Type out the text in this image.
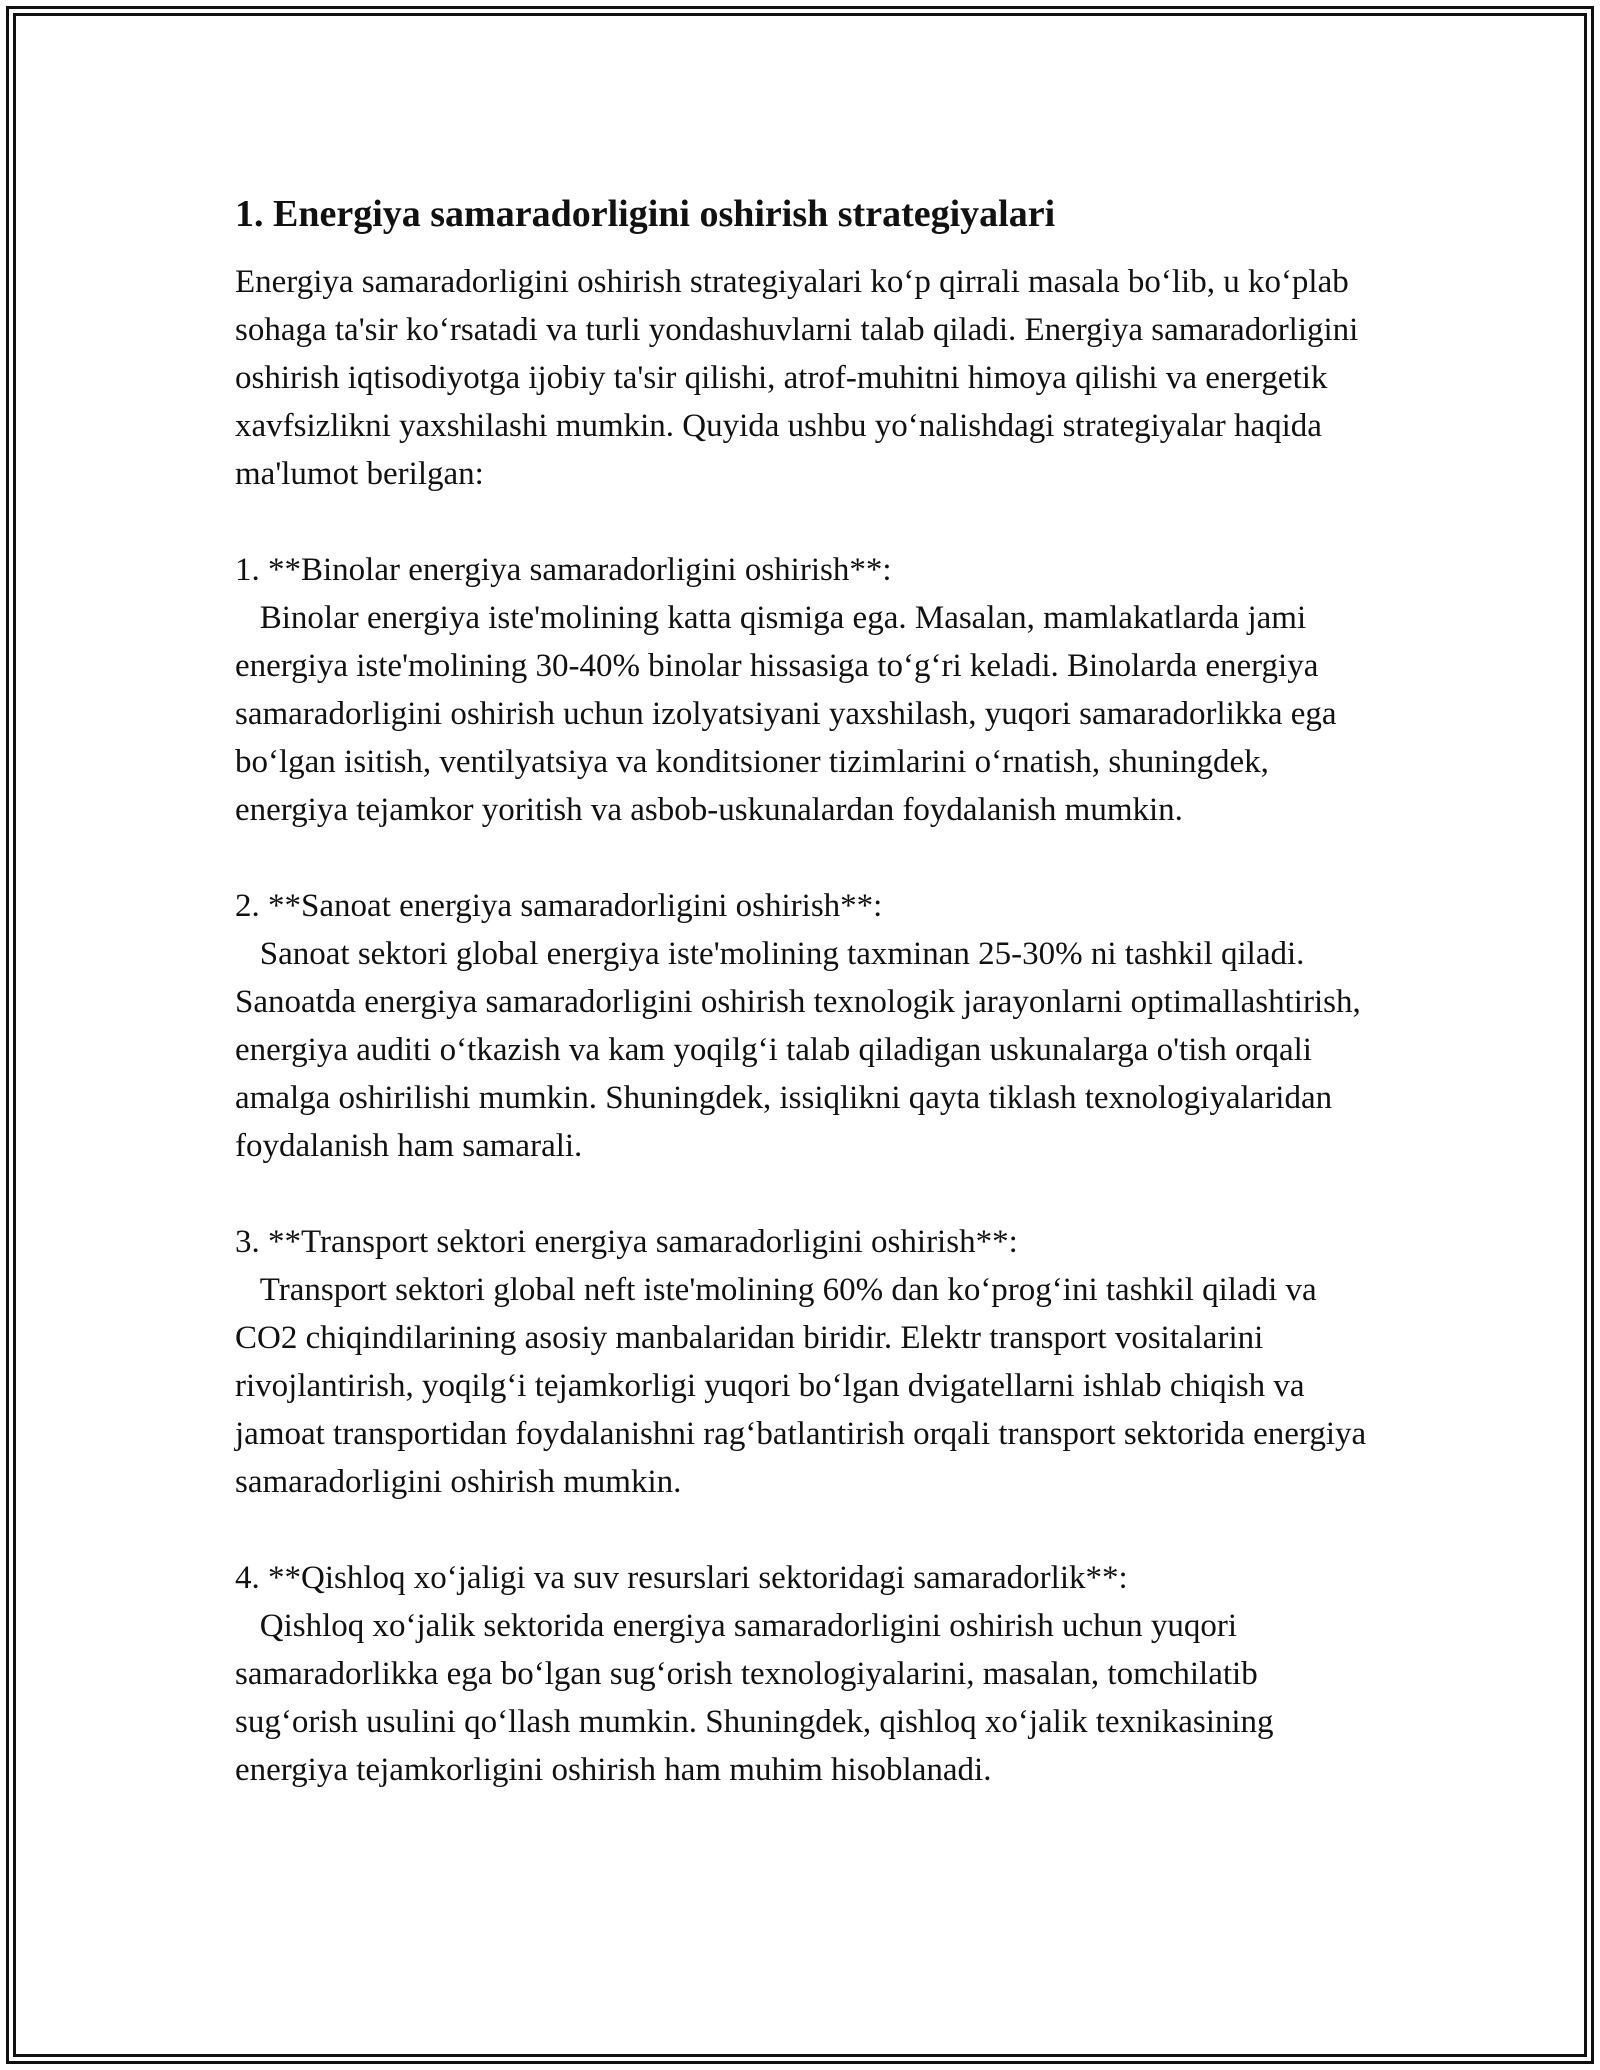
1. Energiya samaradorligini oshirish strategiyalari

Energiya samaradorligini oshirish strategiyalari ko‘p qirrali masala bo‘lib, u ko‘plab sohaga ta'sir ko‘rsatadi va turli yondashuvlarni talab qiladi. Energiya samaradorligini oshirish iqtisodiyotga ijobiy ta'sir qilishi, atrof-muhitni himoya qilishi va energetik xavfsizlikni yaxshilashi mumkin. Quyida ushbu yo‘nalishdagi strategiyalar haqida ma'lumot berilgan:

1. **Binolar energiya samaradorligini oshirish**:

Binolar energiya iste'molining katta qismiga ega. Masalan, mamlakatlarda jami energiya iste'molining 30-40% binolar hissasiga to‘g‘ri keladi. Binolarda energiya samaradorligini oshirish uchun izolyatsiyani yaxshilash, yuqori samaradorlikka ega bo‘lgan isitish, ventilyatsiya va konditsioner tizimlarini o‘rnatish, shuningdek, energiya tejamkor yoritish va asbob-uskunalardan foydalanish mumkin.

2. **Sanoat energiya samaradorligini oshirish**:

Sanoat sektori global energiya iste'molining taxminan 25-30% ni tashkil qiladi. Sanoatda energiya samaradorligini oshirish texnologik jarayonlarni optimallashtirish, energiya auditi o‘tkazish va kam yoqilg‘i talab qiladigan uskunalarga o'tish orqali amalga oshirilishi mumkin. Shuningdek, issiqlikni qayta tiklash texnologiyalaridan foydalanish ham samarali.

3. **Transport sektori energiya samaradorligini oshirish**:

Transport sektori global neft iste'molining 60% dan ko‘prog‘ini tashkil qiladi va CO2 chiqindilarining asosiy manbalaridan biridir. Elektr transport vositalarini rivojlantirish, yoqilg‘i tejamkorligi yuqori bo‘lgan dvigatellarni ishlab chiqish va jamoat transportidan foydalanishni rag‘batlantirish orqali transport sektorida energiya samaradorligini oshirish mumkin.

4. **Qishloq xo‘jaligi va suv resurslari sektoridagi samaradorlik**:

Qishloq xo‘jalik sektorida energiya samaradorligini oshirish uchun yuqori samaradorlikka ega bo‘lgan sug‘orish texnologiyalarini, masalan, tomchilatib sug‘orish usulini qo‘llash mumkin. Shuningdek, qishloq xo‘jalik texnikasining energiya tejamkorligini oshirish ham muhim hisoblanadi.
